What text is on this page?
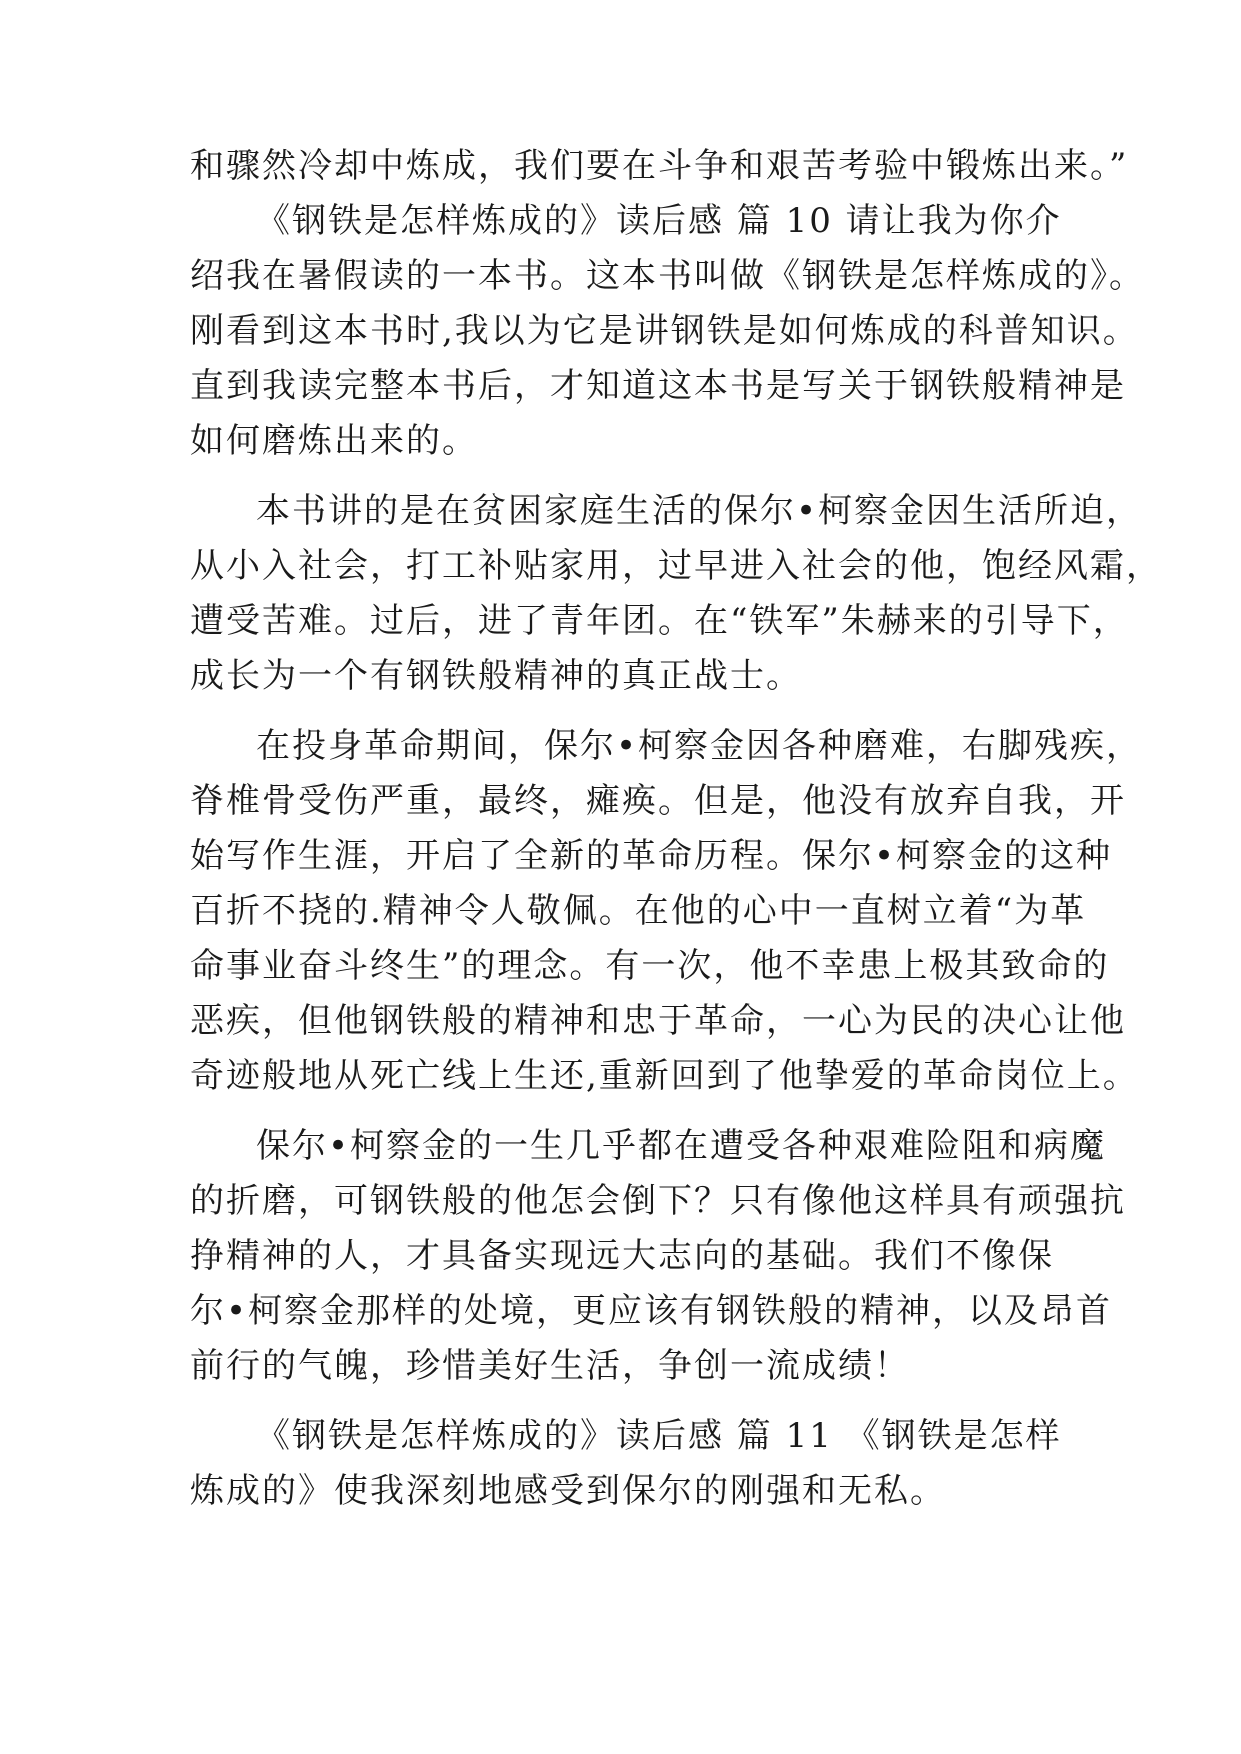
和骤然冷却中炼成，我们要在斗争和艰苦考验中锻炼出来。”
《钢铁是怎样炼成的》读后感 篇 10 请让我为你介
绍我在暑假读的一本书。这本书叫做《钢铁是怎样炼成的》。
刚看到这本书时,我以为它是讲钢铁是如何炼成的科普知识。
直到我读完整本书后，才知道这本书是写关于钢铁般精神是
如何磨炼出来的。
本书讲的是在贫困家庭生活的保尔•柯察金因生活所迫，
从小入社会，打工补贴家用，过早进入社会的他，饱经风霜，
遭受苦难。过后，进了青年团。在“铁军”朱赫来的引导下，
成长为一个有钢铁般精神的真正战士。
在投身革命期间，保尔•柯察金因各种磨难，右脚残疾，
脊椎骨受伤严重，最终，瘫痪。但是，他没有放弃自我，开
始写作生涯，开启了全新的革命历程。保尔•柯察金的这种
百折不挠的.精神令人敬佩。在他的心中一直树立着“为革
命事业奋斗终生”的理念。有一次，他不幸患上极其致命的
恶疾，但他钢铁般的精神和忠于革命，一心为民的决心让他
奇迹般地从死亡线上生还,重新回到了他挚爱的革命岗位上。
保尔•柯察金的一生几乎都在遭受各种艰难险阻和病魔
的折磨，可钢铁般的他怎会倒下？只有像他这样具有顽强抗
挣精神的人，才具备实现远大志向的基础。我们不像保
尔•柯察金那样的处境，更应该有钢铁般的精神，以及昂首
前行的气魄，珍惜美好生活，争创一流成绩！
《钢铁是怎样炼成的》读后感 篇 11 《钢铁是怎样
炼成的》使我深刻地感受到保尔的刚强和无私。
